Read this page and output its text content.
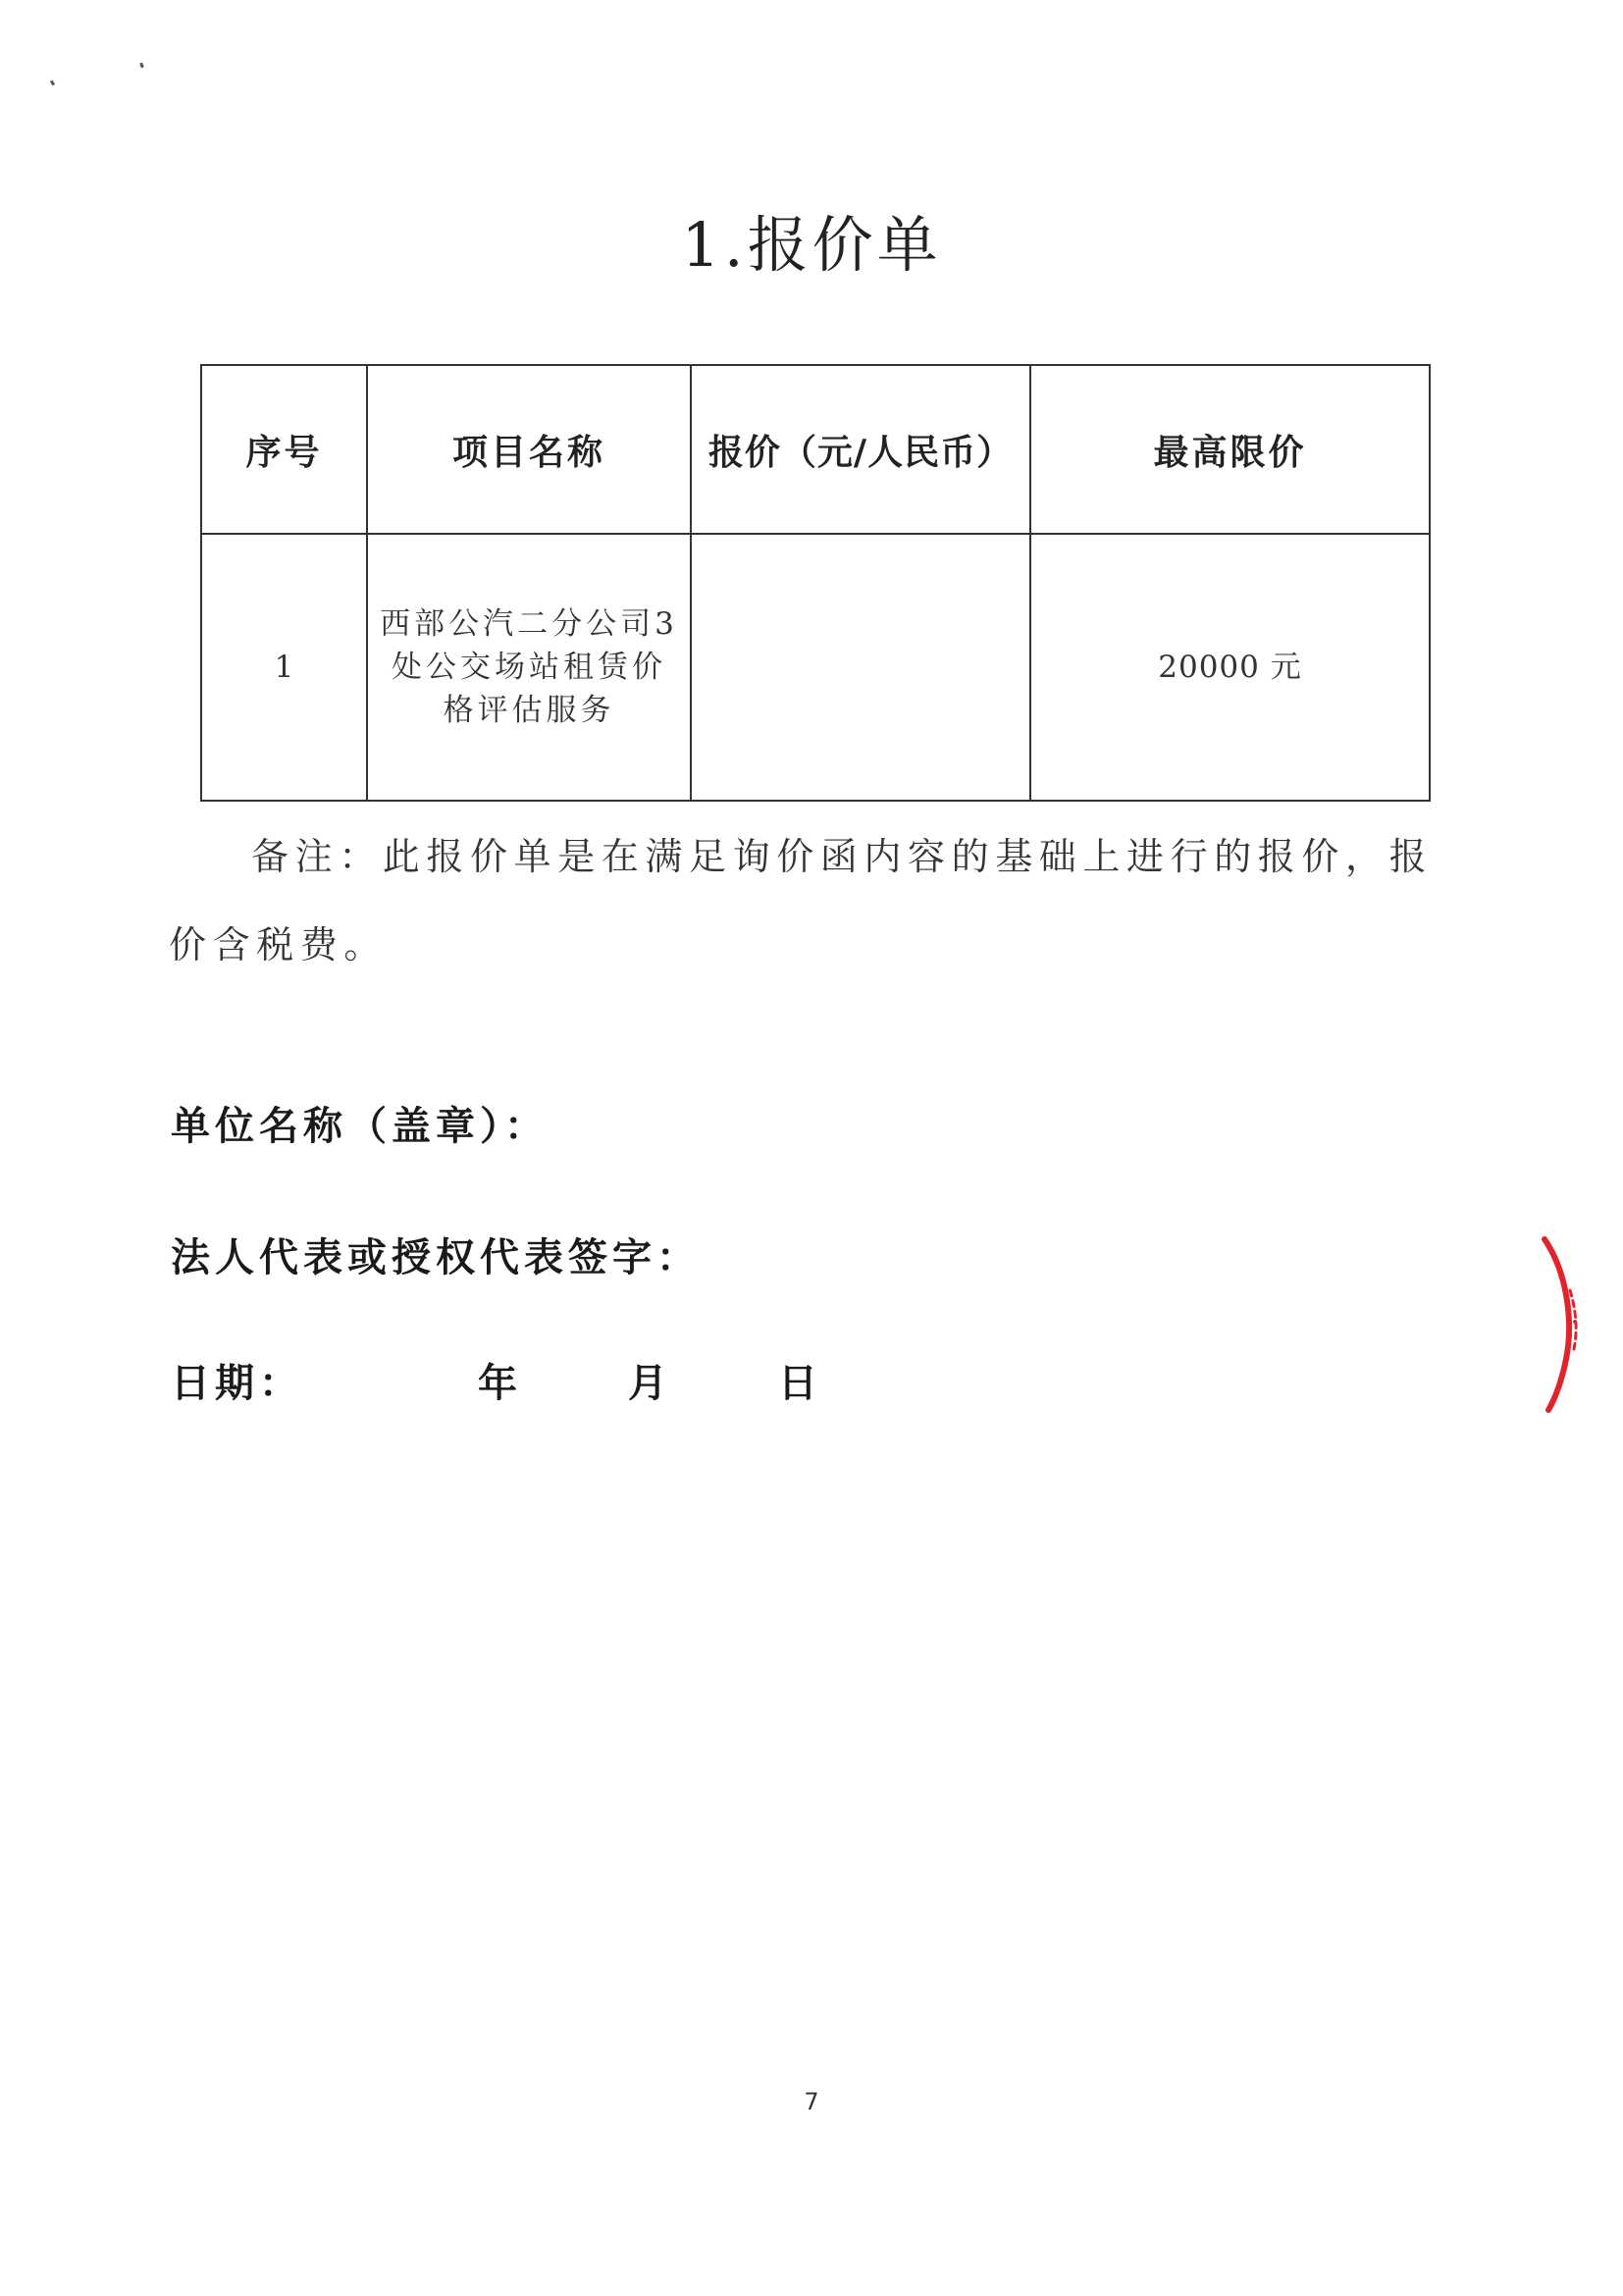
1.报价单
序号	项目名称	报价（元/人民币）	最高限价
1	西部公汽二分公司3处公交场站租赁价格评估服务		20000 元
备注：此报价单是在满足询价函内容的基础上进行的报价，报价含税费。
单位名称（盖章）：
法人代表或授权代表签字：
日期：	年	月	日
7
